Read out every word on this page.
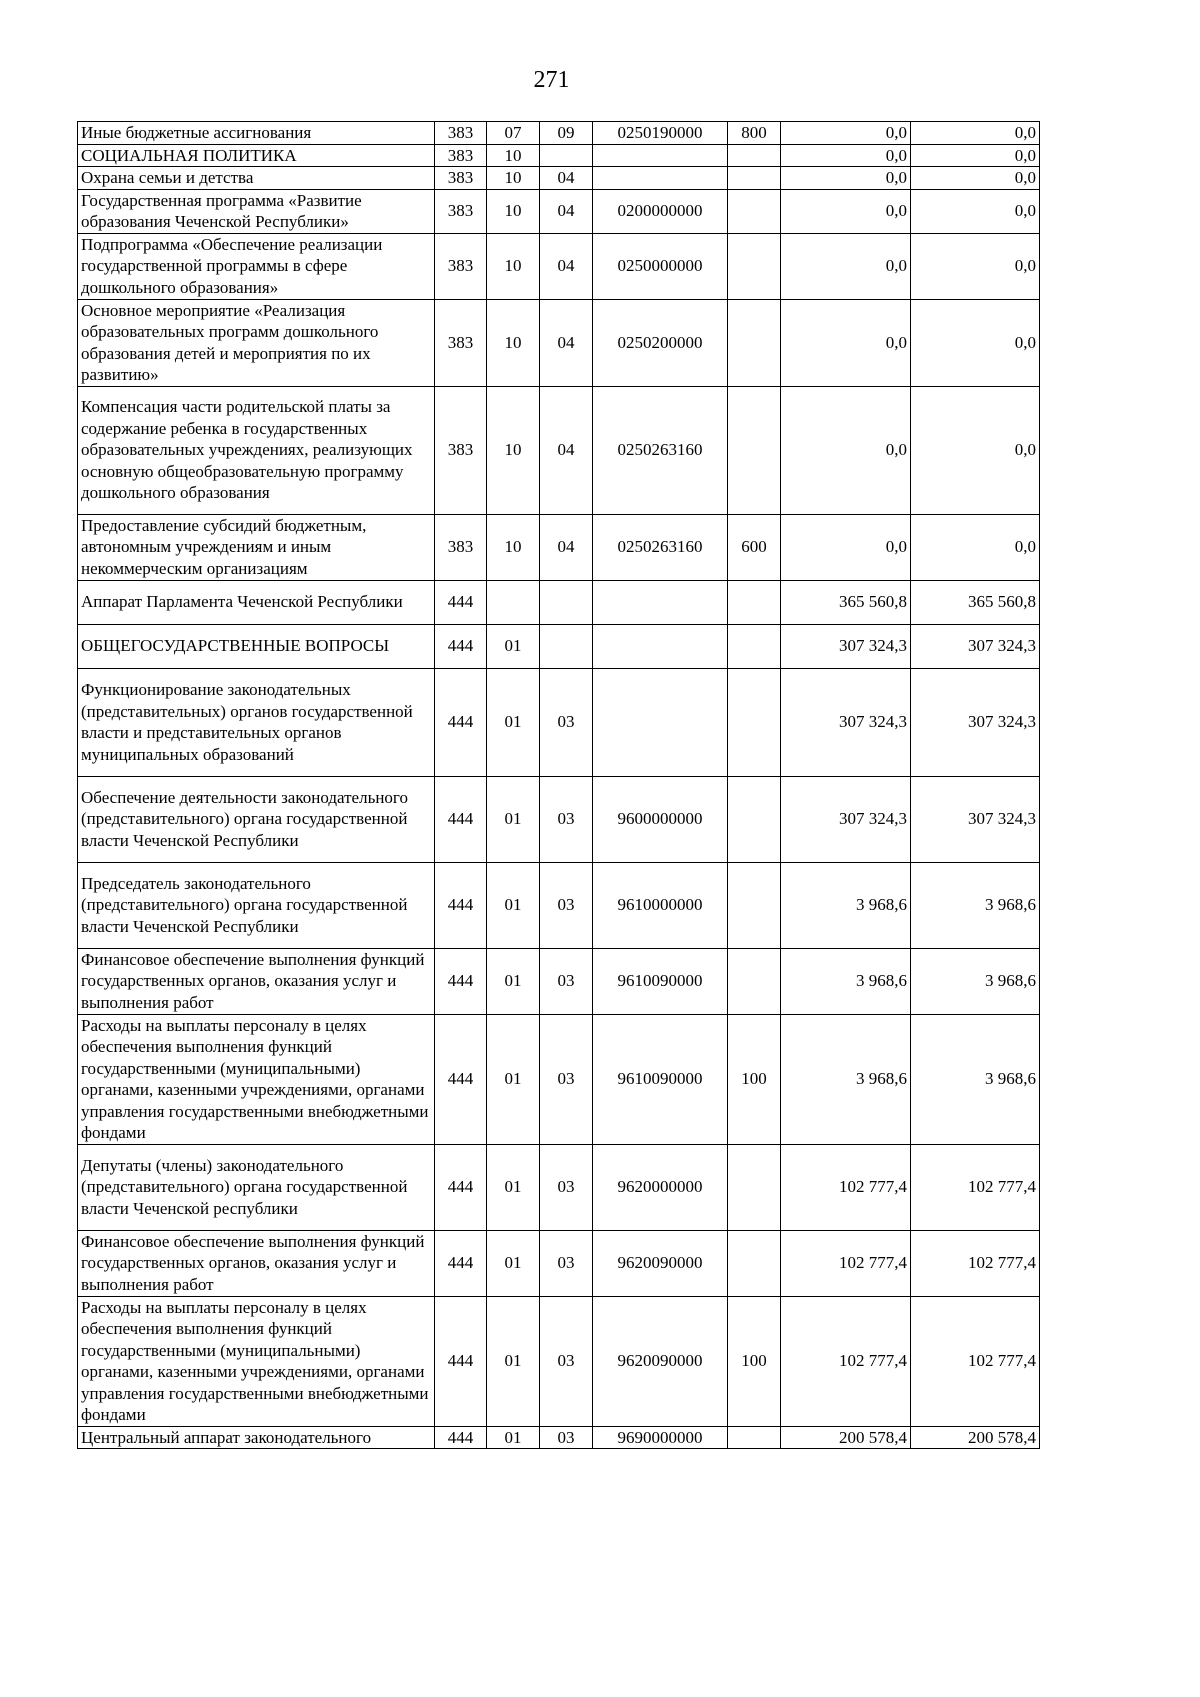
271
Иные бюджетные ассигнования	383	07	09	0250190000	800	0,0	0,0
СОЦИАЛЬНАЯ ПОЛИТИКА	383	10				0,0	0,0
Охрана семьи и детства	383	10	04			0,0	0,0
Государственная программа «Развитие образования Чеченской Республики»	383	10	04	0200000000		0,0	0,0
Подпрограмма «Обеспечение реализации государственной программы в сфере дошкольного образования»	383	10	04	0250000000		0,0	0,0
Основное мероприятие «Реализация образовательных программ дошкольного образования детей и мероприятия по их развитию»	383	10	04	0250200000		0,0	0,0
Компенсация части родительской платы за содержание ребенка в государственных образовательных учреждениях, реализующих основную общеобразовательную программу дошкольного образования	383	10	04	0250263160		0,0	0,0
Предоставление субсидий бюджетным, автономным учреждениям и иным некоммерческим организациям	383	10	04	0250263160	600	0,0	0,0
Аппарат Парламента Чеченской Республики	444					365 560,8	365 560,8
ОБЩЕГОСУДАРСТВЕННЫЕ ВОПРОСЫ	444	01				307 324,3	307 324,3
Функционирование законодательных (представительных) органов государственной власти и представительных органов муниципальных образований	444	01	03			307 324,3	307 324,3
Обеспечение деятельности законодательного (представительного) органа государственной власти Чеченской Республики	444	01	03	9600000000		307 324,3	307 324,3
Председатель законодательного (представительного) органа государственной власти Чеченской Республики	444	01	03	9610000000		3 968,6	3 968,6
Финансовое обеспечение выполнения функций государственных органов, оказания услуг и выполнения работ	444	01	03	9610090000		3 968,6	3 968,6
Расходы на выплаты персоналу в целях обеспечения выполнения функций государственными (муниципальными) органами, казенными учреждениями, органами управления государственными внебюджетными фондами	444	01	03	9610090000	100	3 968,6	3 968,6
Депутаты (члены) законодательного (представительного) органа государственной власти Чеченской республики	444	01	03	9620000000		102 777,4	102 777,4
Финансовое обеспечение выполнения функций государственных органов, оказания услуг и выполнения работ	444	01	03	9620090000		102 777,4	102 777,4
Расходы на выплаты персоналу в целях обеспечения выполнения функций государственными (муниципальными) органами, казенными учреждениями, органами управления государственными внебюджетными фондами	444	01	03	9620090000	100	102 777,4	102 777,4
Центральный аппарат законодательного	444	01	03	9690000000		200 578,4	200 578,4
